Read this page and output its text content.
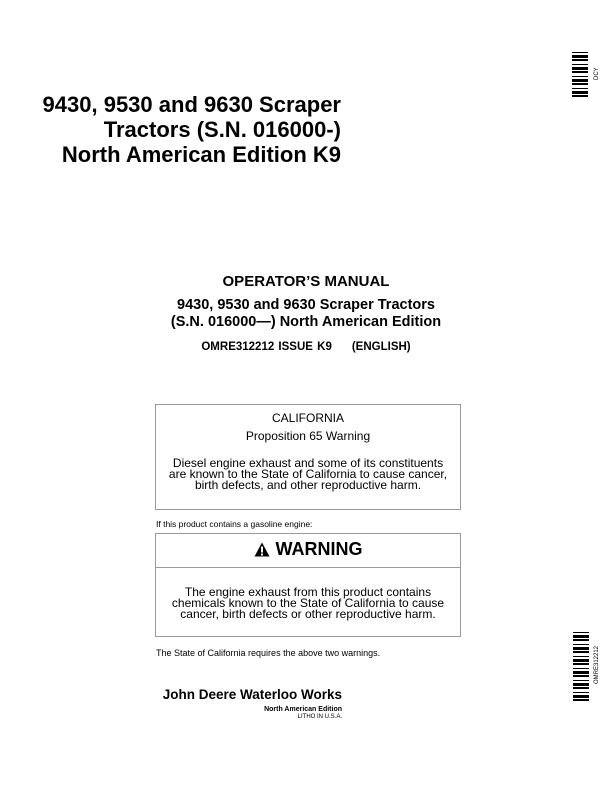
DCY
OMRE312212
9430, 9530 and 9630 Scraper
Tractors (S.N. 016000-)
North American Edition K9
OPERATOR’S MANUAL
9430, 9530 and 9630 Scraper Tractors
(S.N. 016000—) North American Edition
OMRE312212 ISSUE K9 (ENGLISH)
CALIFORNIA
Proposition 65 Warning
Diesel engine exhaust and some of its constituents
are known to the State of California to cause cancer,
birth defects, and other reproductive harm.
If this product contains a gasoline engine:
WARNING
The engine exhaust from this product contains
chemicals known to the State of California to cause
cancer, birth defects or other reproductive harm.
The State of California requires the above two warnings.
John Deere Waterloo Works
North American Edition
LITHO IN U.S.A.
